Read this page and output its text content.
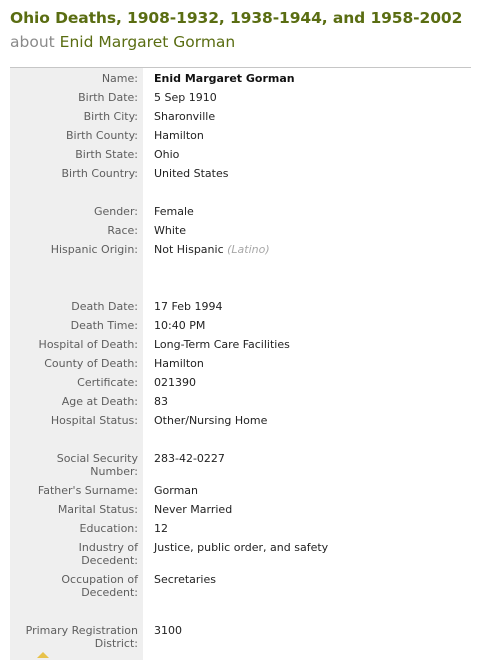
Ohio Deaths, 1908-1932, 1938-1944, and 1958-2002
about Enid Margaret Gorman
Name: Enid Margaret Gorman
Birth Date: 5 Sep 1910
Birth City: Sharonville
Birth County: Hamilton
Birth State: Ohio
Birth Country: United States
Gender: Female
Race: White
Hispanic Origin: Not Hispanic (Latino)
Death Date: 17 Feb 1994
Death Time: 10:40 PM
Hospital of Death: Long-Term Care Facilities
County of Death: Hamilton
Certificate: 021390
Age at Death: 83
Hospital Status: Other/Nursing Home
Social Security
Number:
283-42-0227
Father's Surname: Gorman
Marital Status: Never Married
Education: 12
Industry of
Decedent:
Justice, public order, and safety
Occupation of
Decedent:
Secretaries
Primary Registration
District:
3100
